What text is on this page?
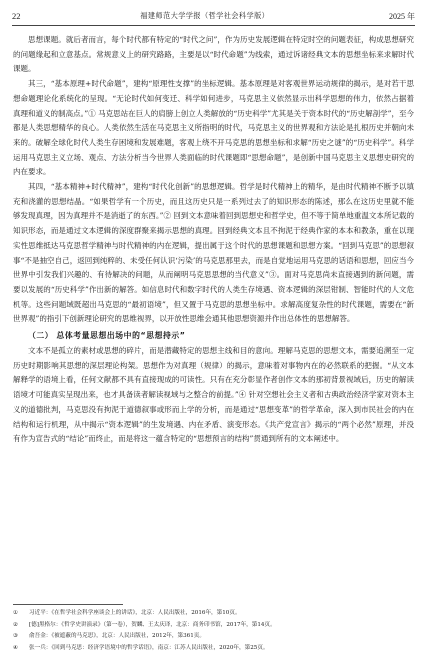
22	福建师范大学学报（哲学社会科学版）	2025 年

思想课题。就后者而言，每个时代都有特定的“时代之问”，作为历史发展逻辑在特定时空的问题表征，构成思想研究的问题缘起和立意基点。常规意义上的研究路路，主要是以“时代命题”为线索，通过诉诸经典文本的思想坐标来求解时代课题。

其三，“基本原理+时代命题”，建构“原理性支撑”的坐标逻辑。基本原理是对客观世界运动规律的揭示，是对若干思想命题理论化系统化的呈现。“无论时代如何变迁、科学如何进步，马克思主义依然显示出科学思想的伟力，依然占据着真理和道义的制高点。”① 马克思站在巨人的肩膀上创立人类解放的“历史科学”尤其是关于资本时代的“历史解剖学”，至今都是人类思想精华的良心。人类依然生活在马克思主义所指明的时代，马克思主义的世界观和方法论是扎根历史并朝向未来的。破解全球化时代人类生存困境和发展难题，客观上绕不开马克思的思想坐标和求解“历史之谜”的“历史科学”。科学运用马克思主义立场、观点、方法分析当今世界人类面临的时代课题即“思想命题”，是创新中国马克思主义思想史研究的内在要求。

其四，“基本精神+时代精神”，建构“时代化创新”的思想逻辑。哲学是时代精神上的精华，是由时代精神不断予以填充和浇灌的思想结晶。“如果哲学有一个历史，而且这历史只是一系列过去了的知识形态的陈述，那么在这历史里就不能够发现真理，因为真理并不是消逝了的东西。”② 回到文本意味着回到思想史和哲学史，但不等于简单地重温文本所记载的知识形态，而是通过文本逻辑的深度群聚来揭示思想的真理。回到经典文本且不拘泥于经典作家的本本和教条，重在以现实性思维抵达马克思哲学精神与时代精神的内在逻辑，提出属于这个时代的思想课题和思想方案。“回到马克思”的思想叙事“不是抽空自己，返回到纯粹的、未受任何认识‘污染’的马克思那里去，而是自觉地运用马克思的话语和思想，回应当今世界中引发我们兴趣的、有待解决的问题，从而阐明马克思思想的当代意义”③。面对马克思尚未直接遇到的新问题，需要以发展的“历史科学”作出新的解答。如信息时代和数字时代的人类生存境遇、资本逻辑的深层钳制、智能时代的人文危机等。这些问题域既超出马克思的“最初语境”，但又置于马克思的思想坐标中。求解高度复杂性的时代课题，需要在“新世界观”的指引下创新理论研究的思维视界，以开放性思维会通其他思想资源并作出总体性的思想解答。

（二） 总体考量思想出场中的“思想持示”

文本不是孤立的素材或思想的碎片，而是潜藏特定的思想主线和目的意向。理解马克思的思想文本，需要追溯至一定历史时期影响其思想的深层理论构架。思想作为对真理（规律）的揭示，意味着对事物内在的必然联系的把握。“从文本解释学的语境上看，任何文献都不具有直接现成的可读性。只有在充分彰显作者创作文本的那初背景视域后，历史的解读语境才可能真实呈现出来，也才具备读者解读视域与之整合的前提。”④ 针对空想社会主义者和古典政治经济学家对资本主义的道德批判，马克思没有拘泥于道德叙事或形而上学的分析，而是通过“思想变革”的哲学革命，深入到市民社会的内在结构和运行机理，从中揭示“资本逻辑”的生发境遇、内在矛盾、演变形态。《共产党宣言》揭示的“两个必然”原理，并没有作为宣告式的“结论”而终止，而是将这一蕴含特定的“思想预言的结构”贯通到所有的文本阐述中。

①	习近平：《在哲学社会科学座谈会上的讲话》，北京：人民出版社，2016年，第10页。
②	[德]黑格尔：《哲学史讲演录》（第一卷），贺麟、王太庆译，北京：商务印书馆，2017年，第14页。
③	俞吾金：《被遮蔽的马克思》，北京：人民出版社，2012年，第361页。
④	张一兵：《回到马克思：经济学语境中的哲学话语》，南京：江苏人民出版社，2020年，第25页。
